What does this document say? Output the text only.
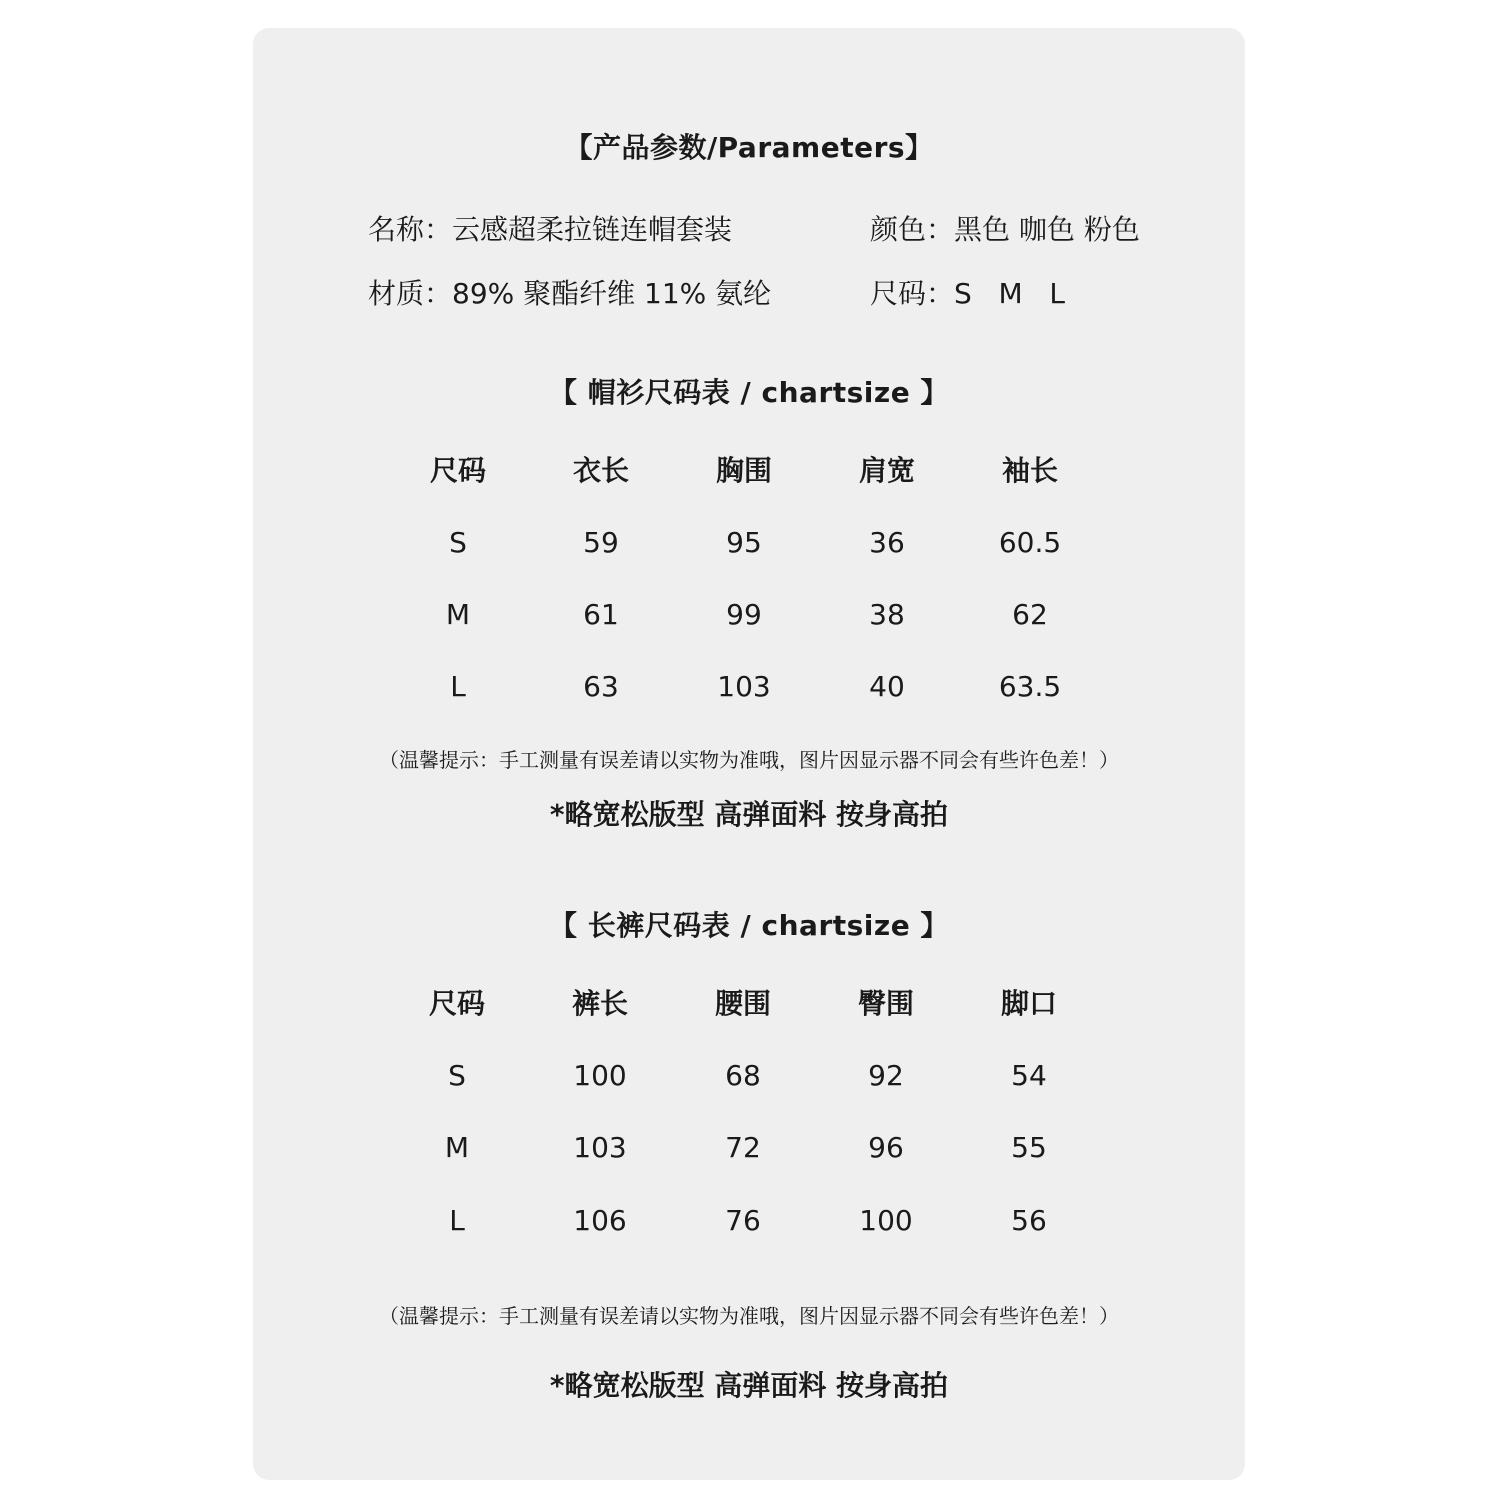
【产品参数/Parameters】
名称：云感超柔拉链连帽套装	颜色：黑色 咖色 粉色
材质：89% 聚酯纤维 11% 氨纶	尺码：S   M   L
【 帽衫尺码表 / chartsize 】
尺码	衣长	胸围	肩宽	袖长
S	59	95	36	60.5
M	61	99	38	62
L	63	103	40	63.5
（温馨提示：手工测量有误差请以实物为准哦，图片因显示器不同会有些许色差！）
*略宽松版型 高弹面料 按身高拍
【 长裤尺码表 / chartsize 】
尺码	裤长	腰围	臀围	脚口
S	100	68	92	54
M	103	72	96	55
L	106	76	100	56
（温馨提示：手工测量有误差请以实物为准哦，图片因显示器不同会有些许色差！）
*略宽松版型 高弹面料 按身高拍
